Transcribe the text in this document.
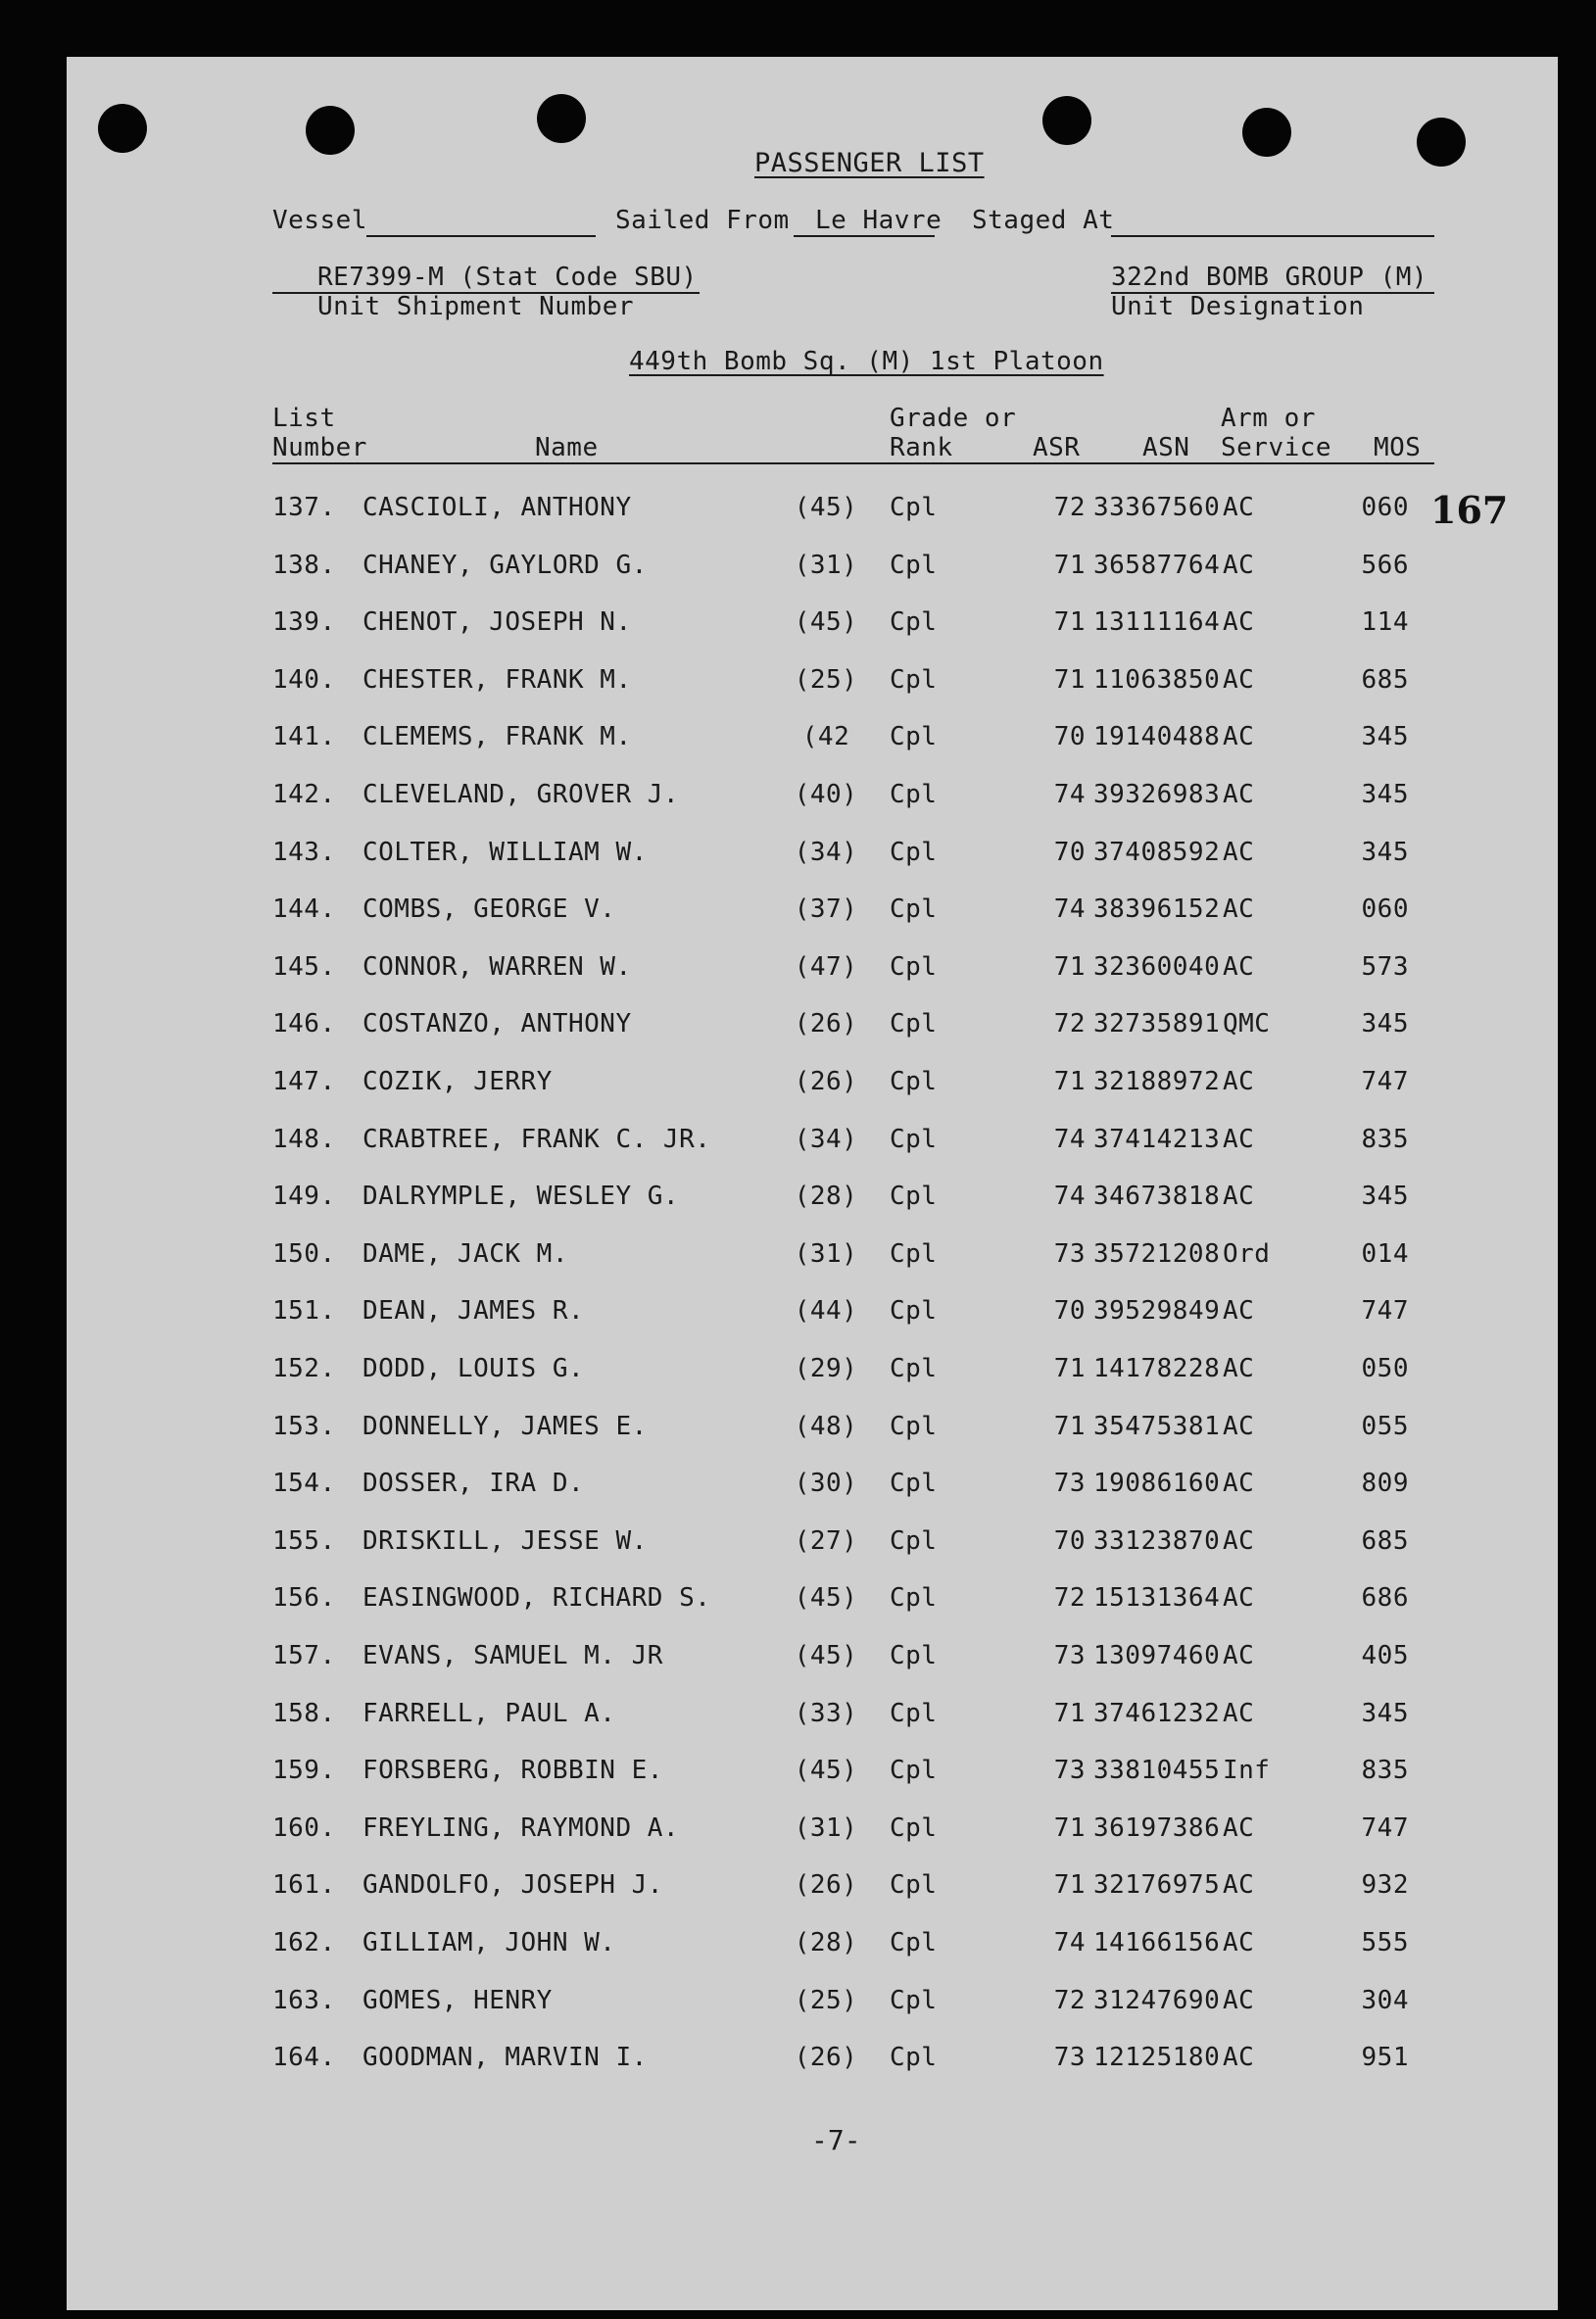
PASSENGER LIST
Vessel	Sailed From Le Havre Staged At
RE7399-M (Stat Code SBU)
Unit Shipment Number
322nd BOMB GROUP (M)
Unit Designation
449th Bomb Sq. (M) 1st Platoon
List
Number	Name
Grade or
Rank	ASR ASN
Arm or
Service MOS
167
137. CASCIOLI, ANTHONY	(45)	Cpl	72 33367560 AC	060
138. CHANEY, GAYLORD G.	(31)	Cpl	71 36587764 AC	566
139. CHENOT, JOSEPH N.	(45)	Cpl	71 13111164 AC	114
140. CHESTER, FRANK M.	(25)	Cpl	71 11063850 AC	685
141. CLEMEMS, FRANK M.	(42	Cpl	70 19140488 AC	345
142. CLEVELAND, GROVER J.	(40)	Cpl	74 39326983 AC	345
143. COLTER, WILLIAM W.	(34)	Cpl	70 37408592 AC	345
144. COMBS, GEORGE V.	(37)	Cpl	74 38396152 AC	060
145. CONNOR, WARREN W.	(47)	Cpl	71 32360040 AC	573
146. COSTANZO, ANTHONY	(26)	Cpl	72 32735891 QMC	345
147. COZIK, JERRY	(26)	Cpl	71 32188972 AC	747
148. CRABTREE, FRANK C. JR.	(34)	Cpl	74 37414213 AC	835
149. DALRYMPLE, WESLEY G.	(28)	Cpl	74 34673818 AC	345
150. DAME, JACK M.	(31)	Cpl	73 35721208 Ord	014
151. DEAN, JAMES R.	(44)	Cpl	70 39529849 AC	747
152. DODD, LOUIS G.	(29)	Cpl	71 14178228 AC	050
153. DONNELLY, JAMES E.	(48)	Cpl	71 35475381 AC	055
154. DOSSER, IRA D.	(30)	Cpl	73 19086160 AC	809
155. DRISKILL, JESSE W.	(27)	Cpl	70 33123870 AC	685
156. EASINGWOOD, RICHARD S.	(45)	Cpl	72 15131364 AC	686
157. EVANS, SAMUEL M. JR	(45)	Cpl	73 13097460 AC	405
158. FARRELL, PAUL A.	(33)	Cpl	71 37461232 AC	345
159. FORSBERG, ROBBIN E.	(45)	Cpl	73 33810455 Inf	835
160. FREYLING, RAYMOND A.	(31)	Cpl	71 36197386 AC	747
161. GANDOLFO, JOSEPH J.	(26)	Cpl	71 32176975 AC	932
162. GILLIAM, JOHN W.	(28)	Cpl	74 14166156 AC	555
163. GOMES, HENRY	(25)	Cpl	72 31247690 AC	304
164. GOODMAN, MARVIN I.	(26)	Cpl	73 12125180 AC	951
-7-
